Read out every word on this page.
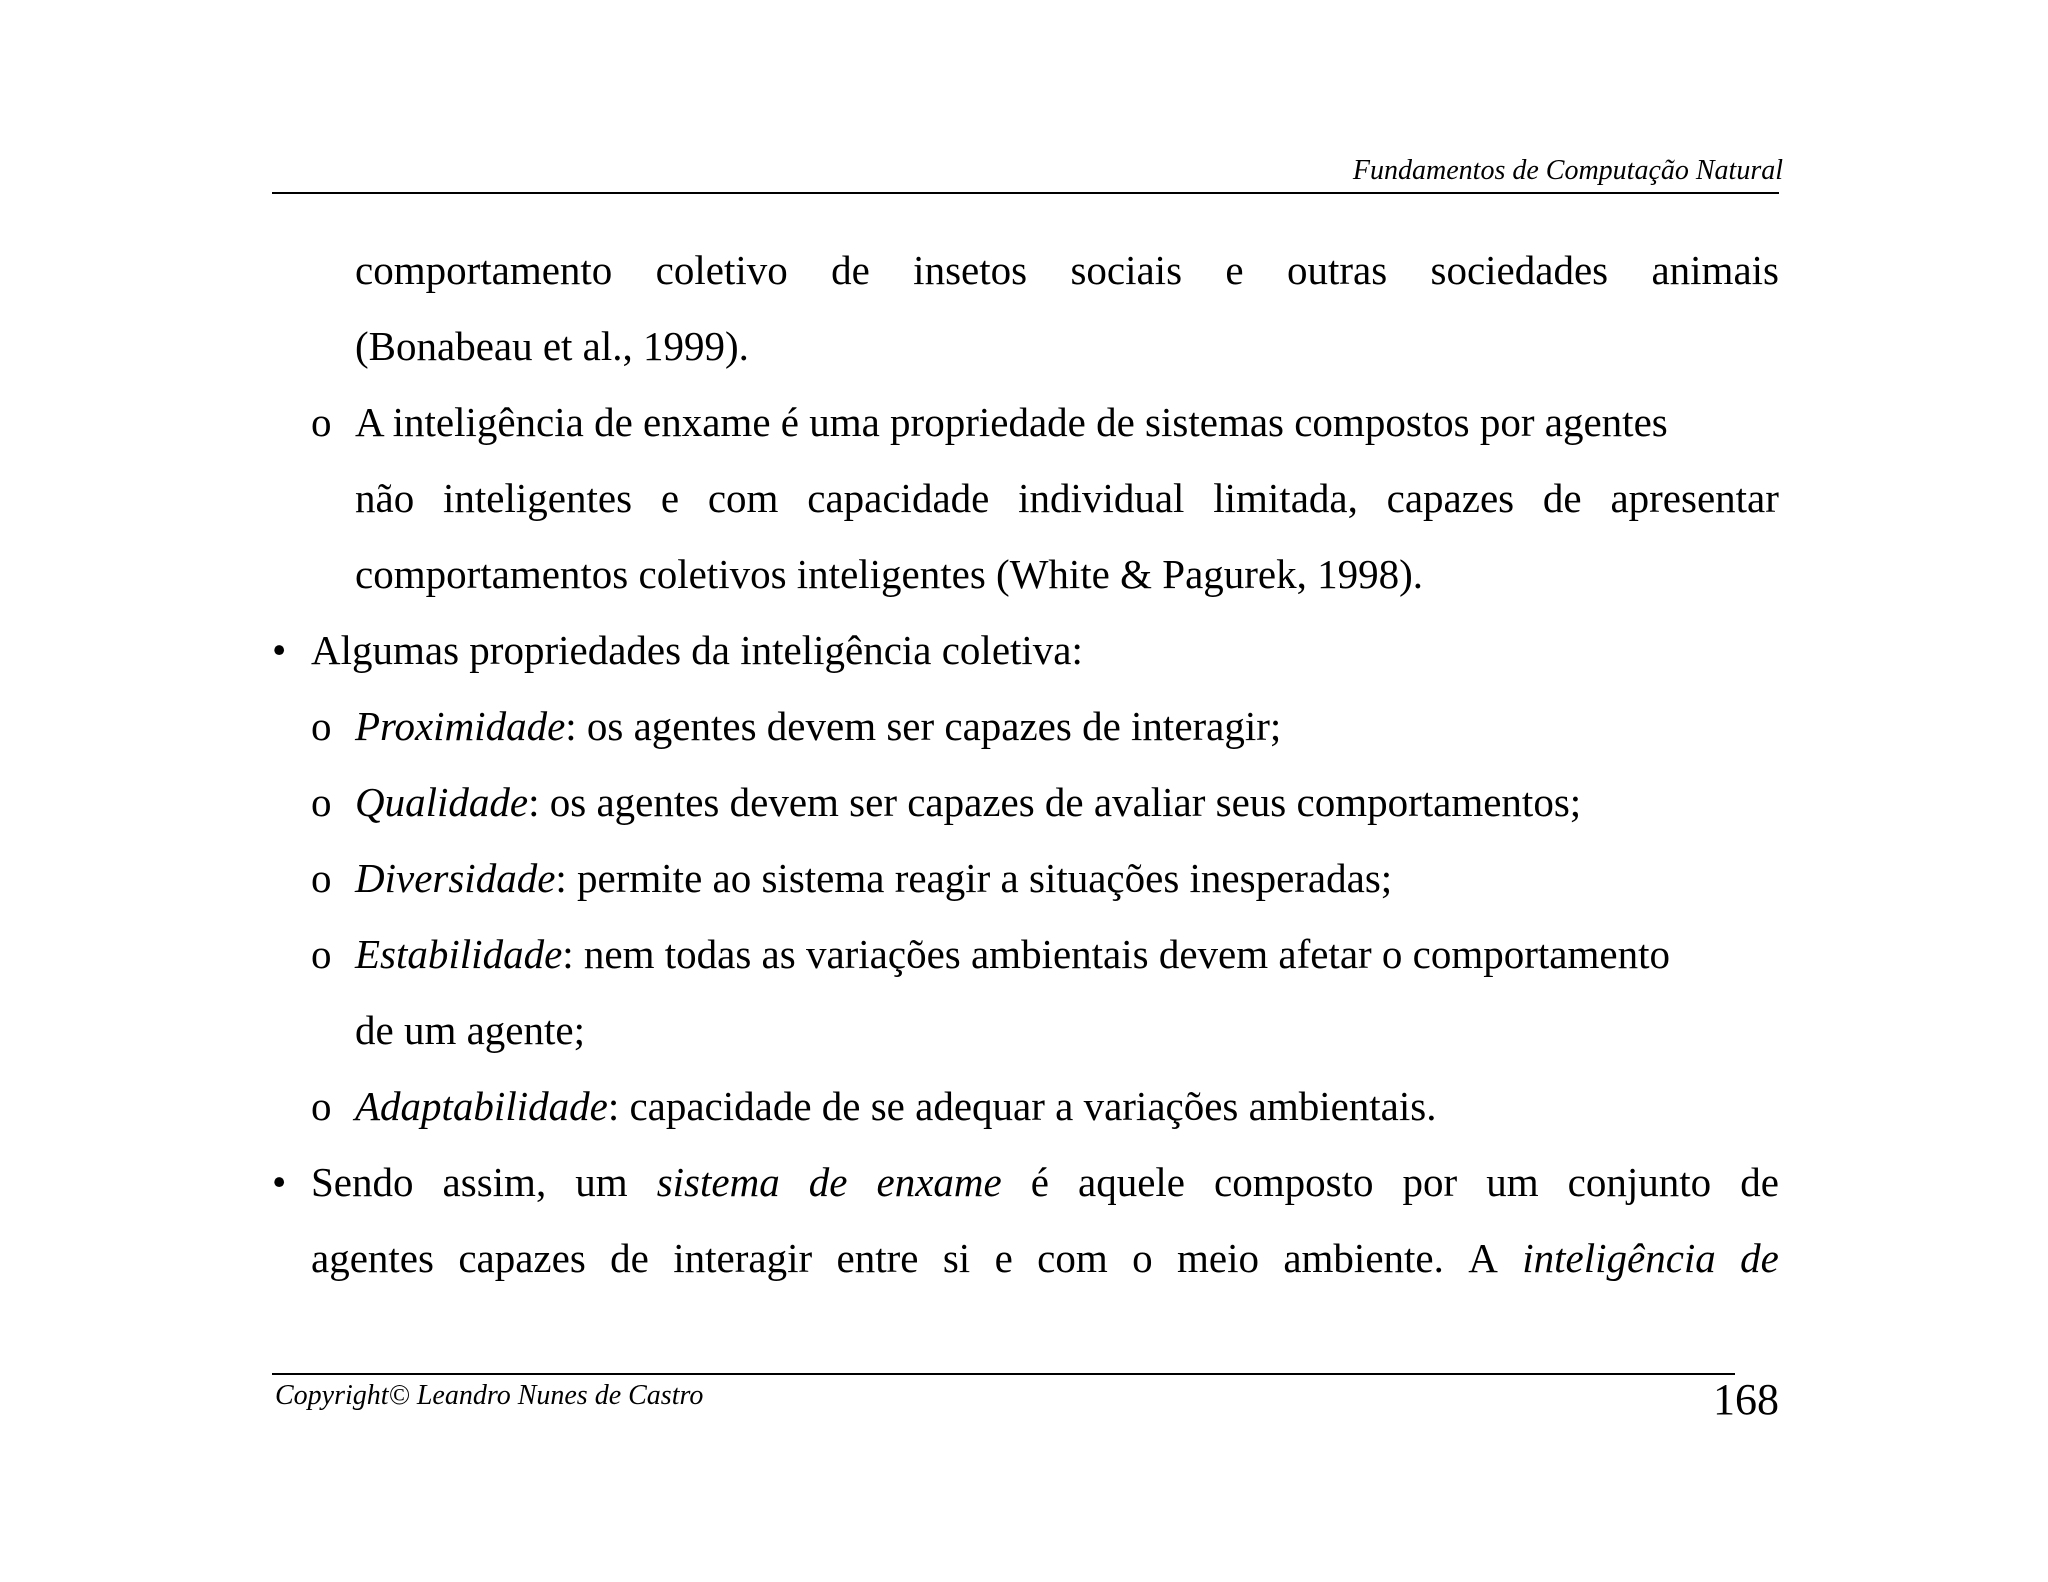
Fundamentos de Computação Natural
comportamento coletivo de insetos sociais e outras sociedades animais
(Bonabeau et al., 1999).
o A inteligência de enxame é uma propriedade de sistemas compostos por agentes
não inteligentes e com capacidade individual limitada, capazes de apresentar
comportamentos coletivos inteligentes (White & Pagurek, 1998).
• Algumas propriedades da inteligência coletiva:
o Proximidade: os agentes devem ser capazes de interagir;
o Qualidade: os agentes devem ser capazes de avaliar seus comportamentos;
o Diversidade: permite ao sistema reagir a situações inesperadas;
o Estabilidade: nem todas as variações ambientais devem afetar o comportamento
de um agente;
o Adaptabilidade: capacidade de se adequar a variações ambientais.
• Sendo assim, um sistema de enxame é aquele composto por um conjunto de
agentes capazes de interagir entre si e com o meio ambiente. A inteligência de
Copyright© Leandro Nunes de Castro	168
